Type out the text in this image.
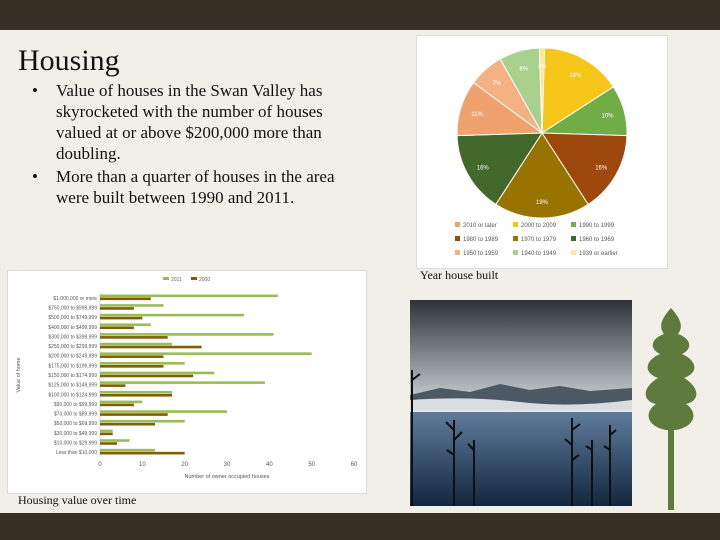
Housing
• Value of houses in the Swan Valley has skyrocketed with the number of houses valued at or above $200,000 more than doubling.
• More than a quarter of houses in the area were built between 1990 and 2011.
16%
10%
16%
19%
16%
11%
7%
8% 1%
2010 or later	2000 to 2009	1990 to 1999
1980 to 1989	1970 to 1979	1960 to 1969
1950 to 1959	1940 to 1949	1939 or earlier
Year house built
2011	2000
$1,000,000 or more
$750,000 to $999,999
$500,000 to $749,999
$400,000 to $499,999
$300,000 to $399,999
$250,000 to $299,999
$200,000 to $249,999
$175,000 to $199,999
$150,000 to $174,999
$125,000 to $149,999
$100,000 to $124,999
$90,000 to $99,999
$70,000 to $89,999
$50,000 to $69,999
$30,000 to $49,999
$10,000 to $29,999
Less than $10,000
0	10	20	30	40	50	60
Number of owner occupied houses
Value of home
Housing value over time
